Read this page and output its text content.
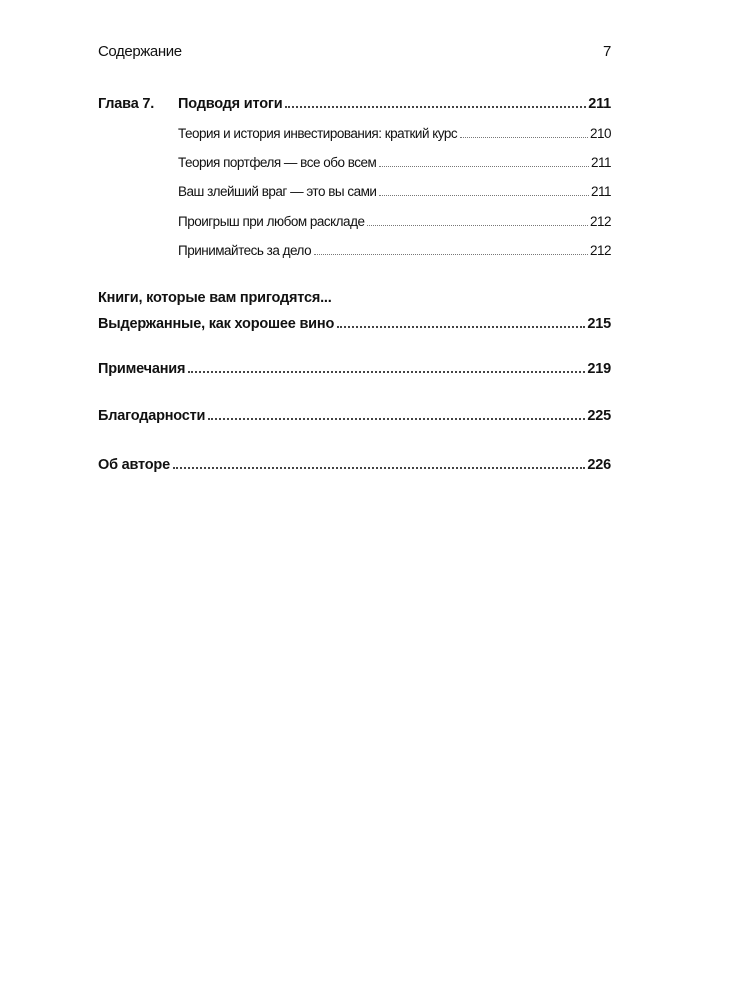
Содержание	7
Глава 7. Подводя итоги	211
Теория и история инвестирования: краткий курс	210
Теория портфеля — все обо всем	211
Ваш злейший враг — это вы сами	211
Проигрыш при любом раскладе	212
Принимайтесь за дело	212
Книги, которые вам пригодятся...
Выдержанные, как хорошее вино	215
Примечания	219
Благодарности	225
Об авторе	226
